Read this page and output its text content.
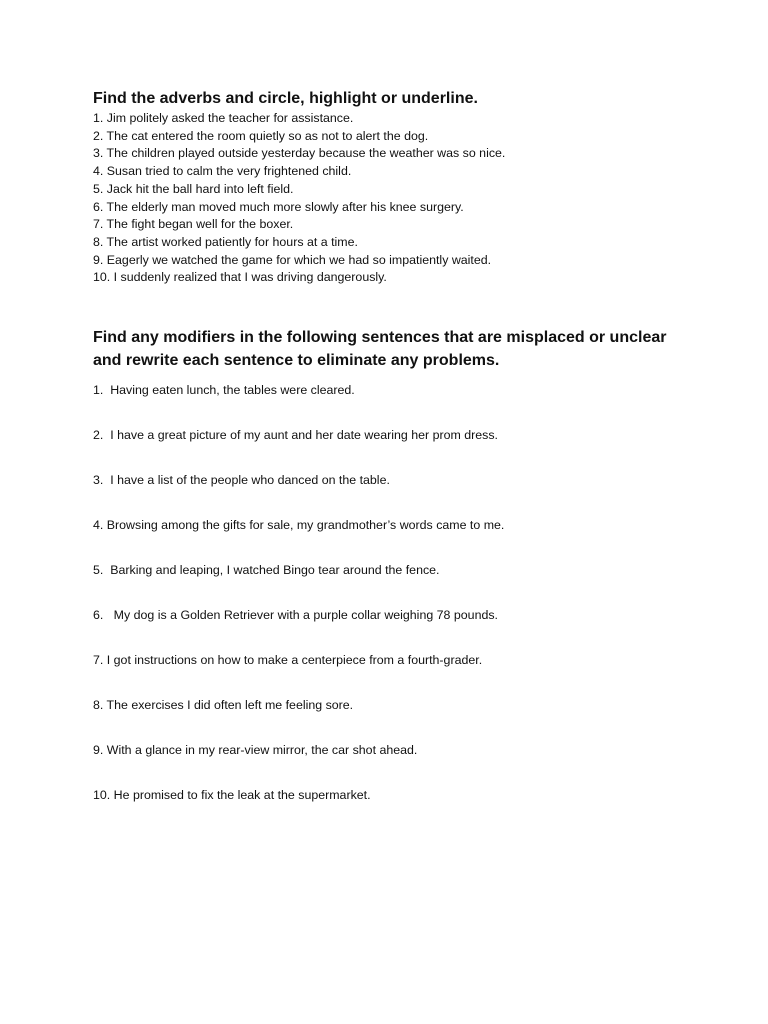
Find the adverbs and circle, highlight or underline.
1. Jim politely asked the teacher for assistance.
2. The cat entered the room quietly so as not to alert the dog.
3. The children played outside yesterday because the weather was so nice.
4. Susan tried to calm the very frightened child.
5. Jack hit the ball hard into left field.
6. The elderly man moved much more slowly after his knee surgery.
7. The fight began well for the boxer.
8. The artist worked patiently for hours at a time.
9. Eagerly we watched the game for which we had so impatiently waited.
10. I suddenly realized that I was driving dangerously.
Find any modifiers in the following sentences that are misplaced or unclear
and rewrite each sentence to eliminate any problems.
1.  Having eaten lunch, the tables were cleared.
2.  I have a great picture of my aunt and her date wearing her prom dress.
3.  I have a list of the people who danced on the table.
4. Browsing among the gifts for sale, my grandmother’s words came to me.
5.  Barking and leaping, I watched Bingo tear around the fence.
6.   My dog is a Golden Retriever with a purple collar weighing 78 pounds.
7. I got instructions on how to make a centerpiece from a fourth-grader.
8. The exercises I did often left me feeling sore.
9. With a glance in my rear-view mirror, the car shot ahead.
10. He promised to fix the leak at the supermarket.
